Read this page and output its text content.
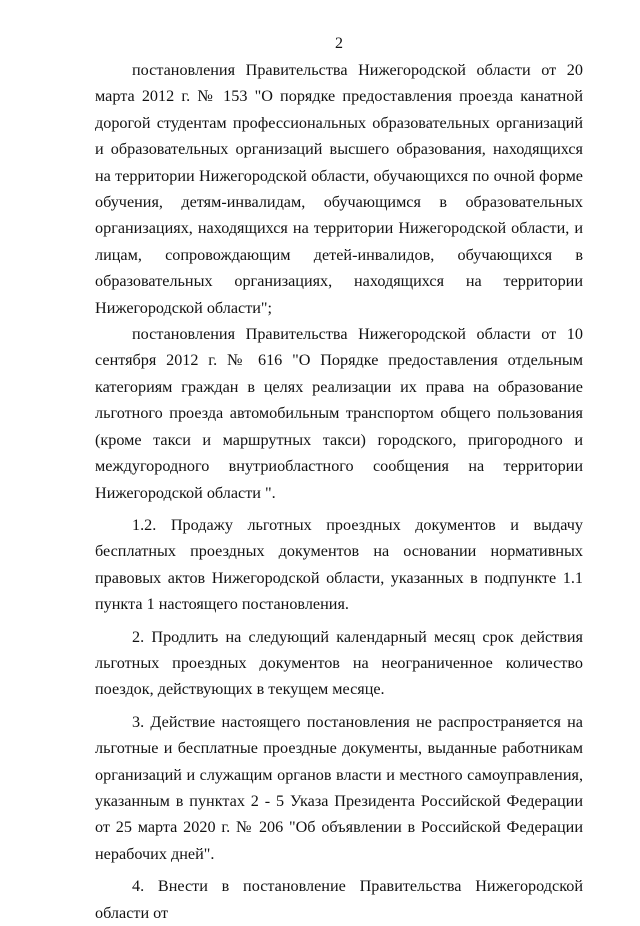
2

постановления Правительства Нижегородской области от 20 марта 2012 г. № 153 "О порядке предоставления проезда канатной дорогой студентам профессиональных образовательных организаций и образовательных организаций высшего образования, находящихся на территории Нижегородской области, обучающихся по очной форме обучения, детям-инвалидам, обучающимся в образовательных организациях, находящихся на территории Нижегородской области, и лицам, сопровождающим детей-инвалидов, обучающихся в образовательных организациях, находящихся на территории Нижегородской области";

постановления Правительства Нижегородской области от 10 сентября 2012 г. № 616 "О Порядке предоставления отдельным категориям граждан в целях реализации их права на образование льготного проезда автомобильным транспортом общего пользования (кроме такси и маршрутных такси) городского, пригородного и междугородного внутриобластного сообщения на территории Нижегородской области ".

1.2. Продажу льготных проездных документов и выдачу бесплатных проездных документов на основании нормативных правовых актов Нижегородской области, указанных в подпункте 1.1 пункта 1 настоящего постановления.

2. Продлить на следующий календарный месяц срок действия льготных проездных документов на неограниченное количество поездок, действующих в текущем месяце.

3. Действие настоящего постановления не распространяется на льготные и бесплатные проездные документы, выданные работникам организаций и служащим органов власти и местного самоуправления, указанным в пунктах 2 - 5 Указа Президента Российской Федерации от 25 марта 2020 г. № 206 "Об объявлении в Российской Федерации нерабочих дней".

4. Внести в постановление Правительства Нижегородской области от
